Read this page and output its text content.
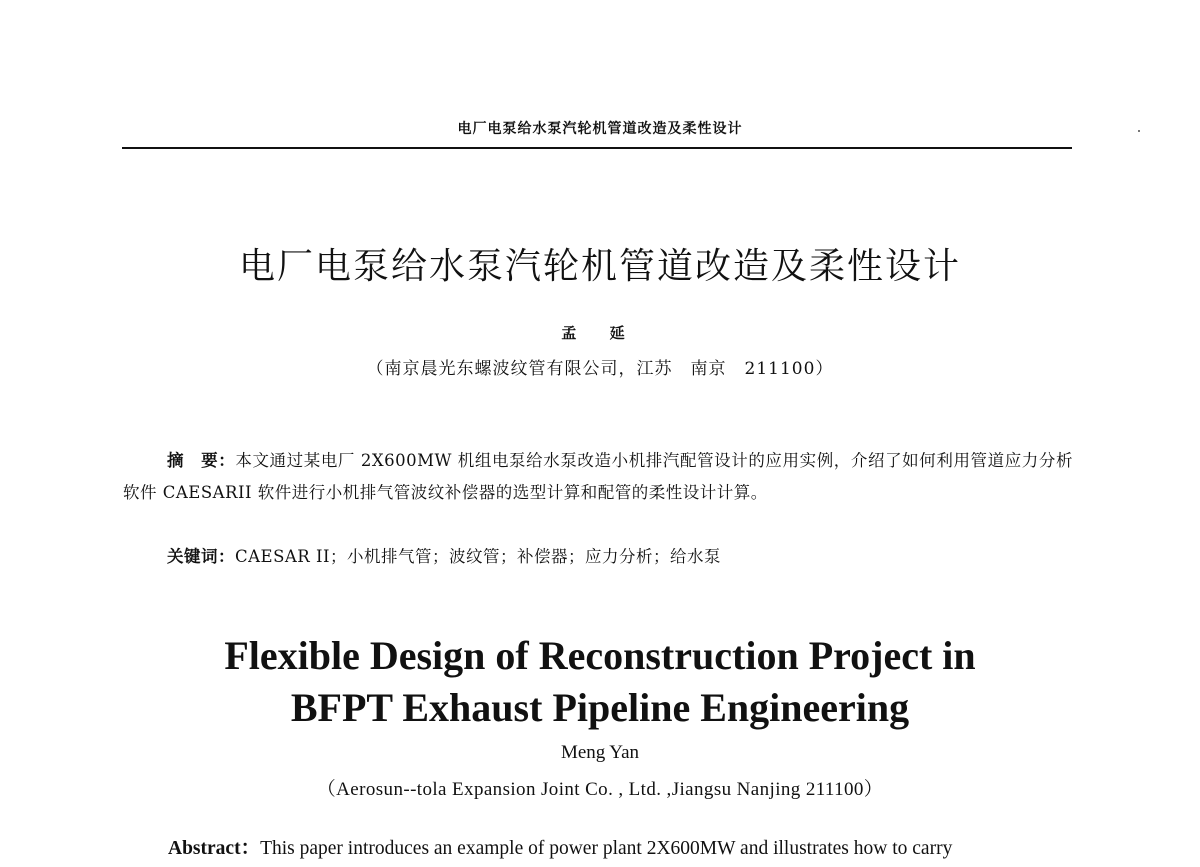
电厂电泵给水泵汽轮机管道改造及柔性设计
电厂电泵给水泵汽轮机管道改造及柔性设计
孟 延
（南京晨光东螺波纹管有限公司，江苏　南京　211100）
摘　要：本文通过某电厂 2X600MW 机组电泵给水泵改造小机排汽配管设计的应用实例，介绍了如何利用管道应力分析软件 CAESARII 软件进行小机排气管波纹补偿器的选型计算和配管的柔性设计计算。
关键词：CAESAR II；小机排气管；波纹管；补偿器；应力分析；给水泵
Flexible Design of Reconstruction Project in
BFPT Exhaust Pipeline Engineering
Meng Yan
（Aerosun--tola Expansion Joint Co. , Ltd. ,Jiangsu Nanjing 211100）
Abstract：This paper introduces an example of power plant 2X600MW and illustrates how to carry
